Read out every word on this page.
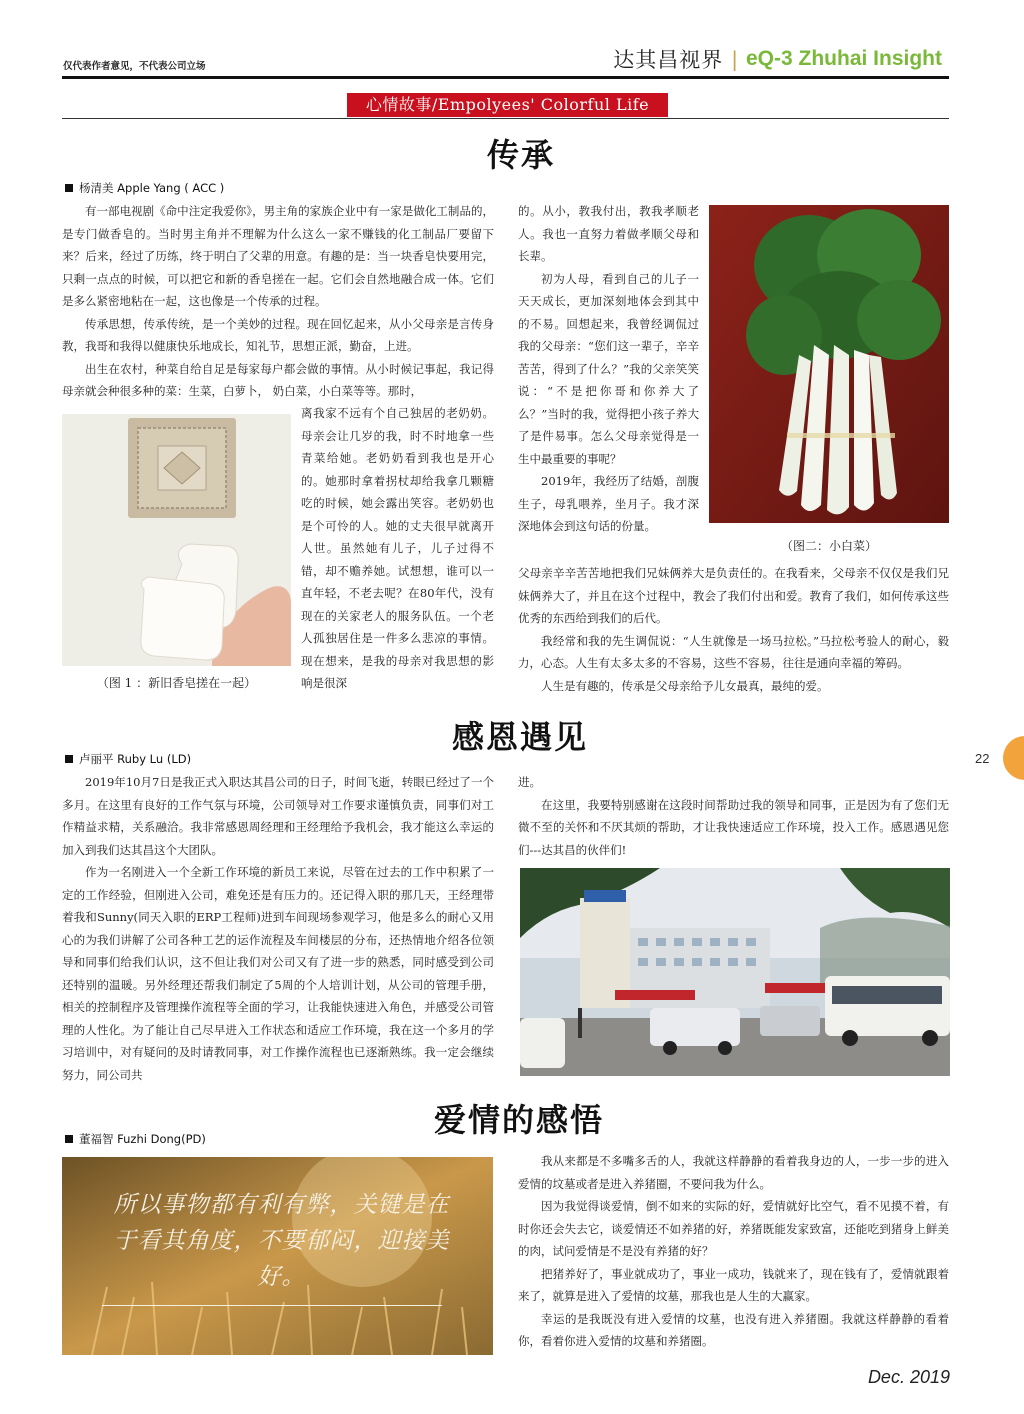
仅代表作者意见，不代表公司立场	达其昌视界 | eQ-3 Zhuhai Insight
心情故事/Empolyees' Colorful Life
22
传承
杨清美 Apple Yang ( ACC )

有一部电视剧《命中注定我爱你》，男主角的家族企业中有一家是做化工制品的，是专门做香皂的。当时男主角并不理解为什么这么一家不赚钱的化工制品厂要留下来？后来，经过了历练，终于明白了父辈的用意。有趣的是：当一块香皂快要用完，只剩一点点的时候，可以把它和新的香皂搓在一起。它们会自然地融合成一体。它们是多么紧密地粘在一起，这也像是一个传承的过程。

传承思想，传承传统，是一个美妙的过程。现在回忆起来，从小父母亲是言传身教，我哥和我得以健康快乐地成长，知礼节，思想正派，勤奋，上进。

出生在农村，种菜自给自足是每家每户都会做的事情。从小时候记事起，我记得母亲就会种很多种的菜：生菜，白萝卜， 奶白菜，小白菜等等。那时，

（图 1 ：新旧香皂搓在一起）

离我家不远有个自己独居的老奶奶。母亲会让几岁的我，时不时地拿一些青菜给她。老奶奶看到我也是开心的。她那时拿着拐杖却给我拿几颗糖吃的时候，她会露出笑容。老奶奶也是个可怜的人。她的丈夫很早就离开人世。虽然她有儿子，儿子过得不错，却不赡养她。试想想，谁可以一直年轻，不老去呢？在80年代，没有现在的关家老人的服务队伍。一个老人孤独居住是一件多么悲凉的事情。现在想来，是我的母亲对我思想的影响是很深

的。从小，教我付出，教我孝顺老人。我也一直努力着做孝顺父母和长辈。

初为人母，看到自己的儿子一天天成长，更加深刻地体会到其中的不易。回想起来，我曾经调侃过我的父母亲：“您们这一辈子，辛辛苦苦，得到了什么？”我的父亲笑笑说：“不是把你哥和你养大了么？”当时的我，觉得把小孩子养大了是件易事。怎么父母亲觉得是一生中最重要的事呢？

2019年，我经历了结婚，剖腹生子，母乳喂养，坐月子。我才深深地体会到这句话的份量。

（图二：小白菜）

父母亲辛辛苦苦地把我们兄妹俩养大是负责任的。在我看来，父母亲不仅仅是我们兄妹俩养大了，并且在这个过程中，教会了我们付出和爱。教育了我们，如何传承这些优秀的东西给到我们的后代。

我经常和我的先生调侃说：“人生就像是一场马拉松。”马拉松考验人的耐心，毅力，心态。人生有太多太多的不容易，这些不容易，往往是通向幸福的筹码。

人生是有趣的，传承是父母亲给予儿女最真，最纯的爱。

感恩遇见
卢丽平 Ruby Lu (LD)

2019年10月7日是我正式入职达其昌公司的日子，时间飞逝，转眼已经过了一个多月。在这里有良好的工作气氛与环境，公司领导对工作要求谨慎负责，同事们对工作精益求精，关系融洽。我非常感恩周经理和王经理给予我机会，我才能这么幸运的加入到我们达其昌这个大团队。

作为一名刚进入一个全新工作环境的新员工来说，尽管在过去的工作中积累了一定的工作经验，但刚进入公司，难免还是有压力的。还记得入职的那几天，王经理带着我和Sunny(同天入职的ERP工程师)进到车间现场参观学习，他是多么的耐心又用心的为我们讲解了公司各种工艺的运作流程及车间楼层的分布，还热情地介绍各位领导和同事们给我们认识，这不但让我们对公司又有了进一步的熟悉，同时感受到公司还特别的温暖。另外经理还帮我们制定了5周的个人培训计划，从公司的管理手册，相关的控制程序及管理操作流程等全面的学习，让我能快速进入角色，并感受公司管理的人性化。为了能让自己尽早进入工作状态和适应工作环境，我在这一个多月的学习培训中，对有疑问的及时请教同事，对工作操作流程也已逐渐熟练。我一定会继续努力，同公司共

进。

在这里，我要特别感谢在这段时间帮助过我的领导和同事，正是因为有了您们无微不至的关怀和不厌其烦的帮助，才让我快速适应工作环境，投入工作。感恩遇见您们---达其昌的伙伴们!

爱情的感悟
董福智 Fuzhi Dong(PD)
所以事物都有利有弊，关键是在于看其角度，不要郁闷，迎接美好。

我从来都是不多嘴多舌的人，我就这样静静的看着我身边的人，一步一步的进入爱情的坟墓或者是进入养猪圈，不要问我为什么。

因为我觉得谈爱情，倒不如来的实际的好，爱情就好比空气，看不见摸不着，有时你还会失去它，谈爱情还不如养猪的好，养猪既能发家致富，还能吃到猪身上鲜美的肉，试问爱情是不是没有养猪的好？

把猪养好了，事业就成功了，事业一成功，钱就来了，现在钱有了，爱情就跟着来了，就算是进入了爱情的坟墓，那我也是人生的大赢家。

幸运的是我既没有进入爱情的坟墓，也没有进入养猪圈。我就这样静静的看着你，看着你进入爱情的坟墓和养猪圈。

Dec. 2019
